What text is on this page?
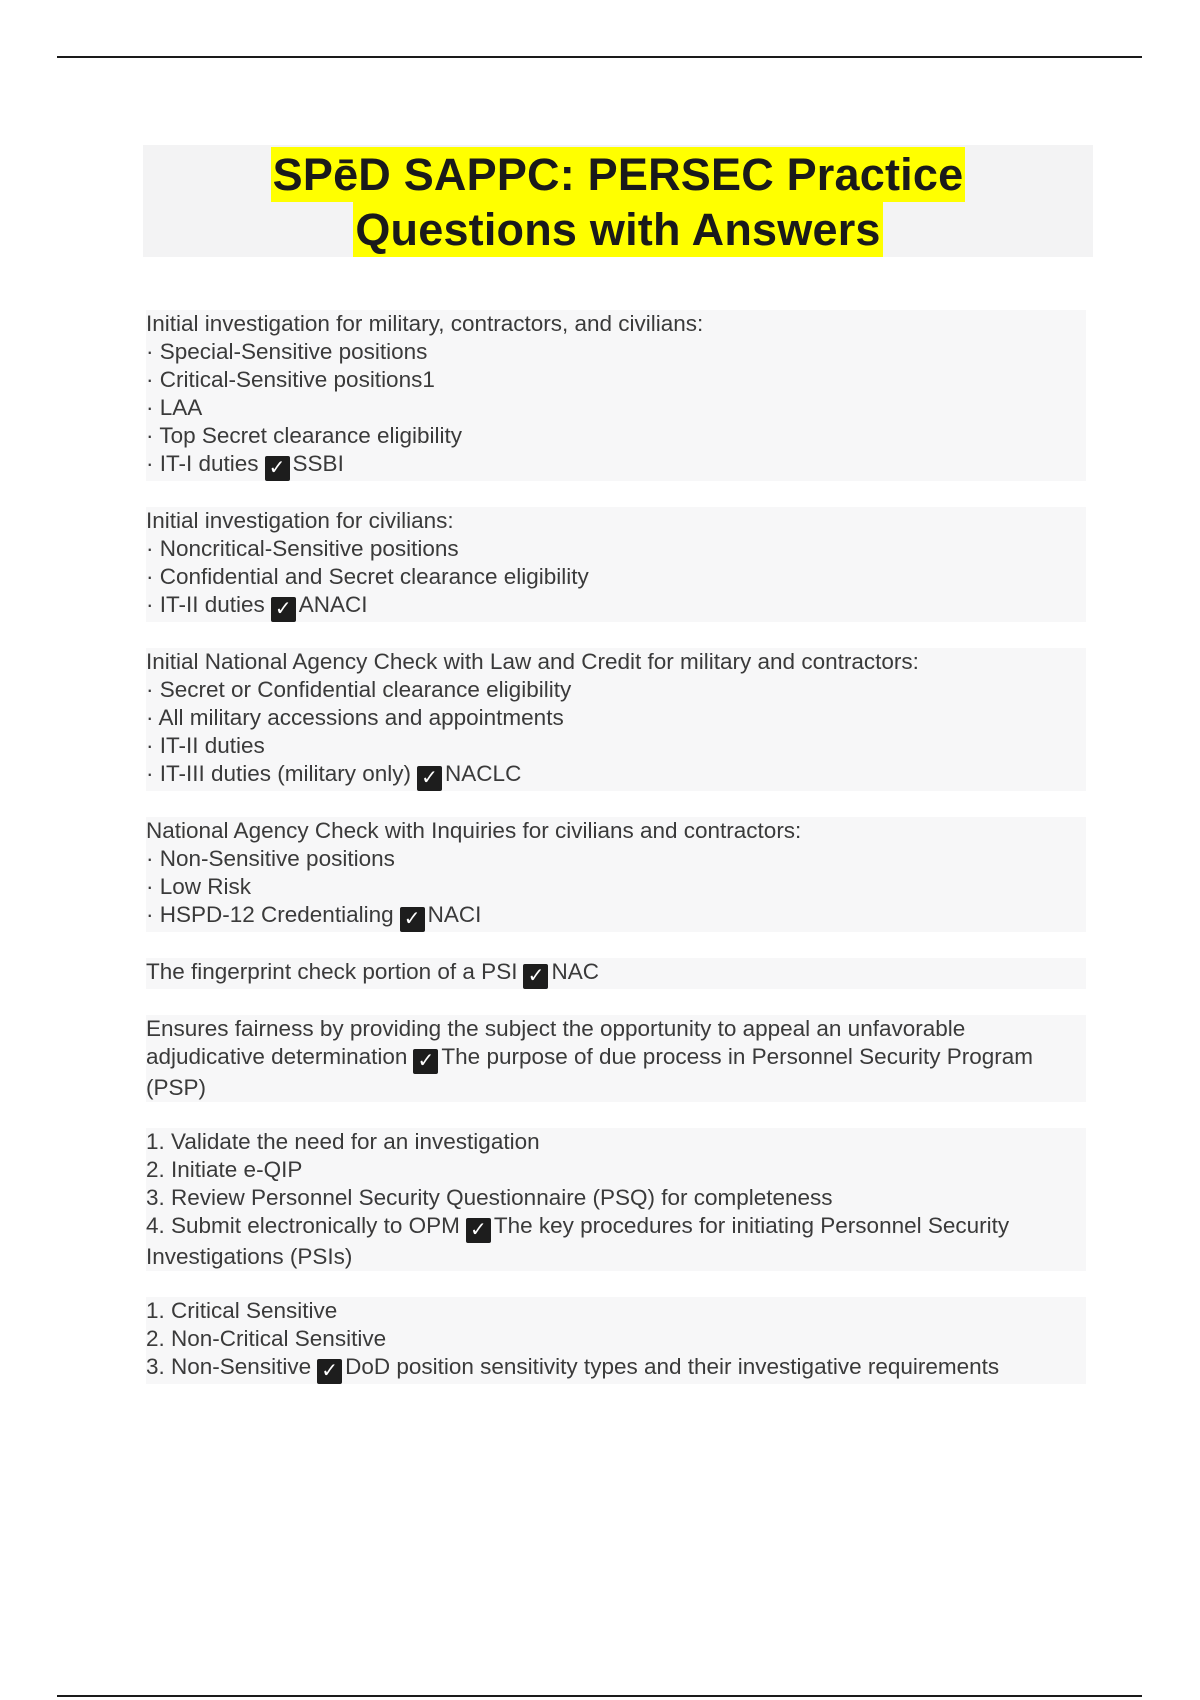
SPēD SAPPC: PERSEC Practice
Questions with Answers
Initial investigation for military, contractors, and civilians:
· Special-Sensitive positions
· Critical-Sensitive positions1
· LAA
· Top Secret clearance eligibility
· IT-I duties ✓ SSBI
Initial investigation for civilians:
· Noncritical-Sensitive positions
· Confidential and Secret clearance eligibility
· IT-II duties ✓ ANACI
Initial National Agency Check with Law and Credit for military and contractors:
· Secret or Confidential clearance eligibility
· All military accessions and appointments
· IT-II duties
· IT-III duties (military only) ✓ NACLC
National Agency Check with Inquiries for civilians and contractors:
· Non-Sensitive positions
· Low Risk
· HSPD-12 Credentialing ✓ NACI
The fingerprint check portion of a PSI ✓ NAC
Ensures fairness by providing the subject the opportunity to appeal an unfavorable
adjudicative determination ✓ The purpose of due process in Personnel Security Program (PSP)
1. Validate the need for an investigation
2. Initiate e-QIP
3. Review Personnel Security Questionnaire (PSQ) for completeness
4. Submit electronically to OPM ✓ The key procedures for initiating Personnel Security Investigations (PSIs)
1. Critical Sensitive
2. Non-Critical Sensitive
3. Non-Sensitive ✓ DoD position sensitivity types and their investigative requirements
